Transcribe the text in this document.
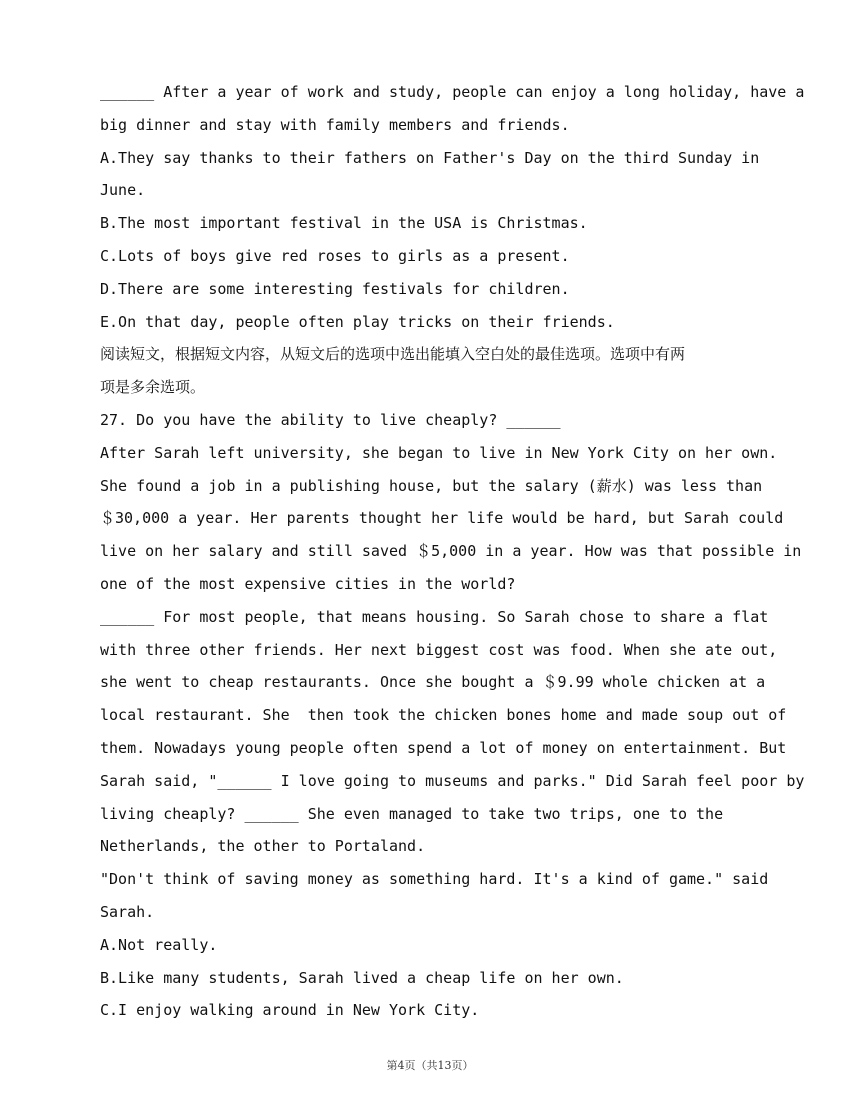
______ After a year of work and study, people can enjoy a long holiday, have a
big dinner and stay with family members and friends.
A.They say thanks to their fathers on Father's Day on the third Sunday in
June.
B.The most important festival in the USA is Christmas.
C.Lots of boys give red roses to girls as a present.
D.There are some interesting festivals for children.
E.On that day, people often play tricks on their friends.
阅读短文，根据短文内容，从短文后的选项中选出能填入空白处的最佳选项。选项中有两
项是多余选项。
27. Do you have the ability to live cheaply? ______
After Sarah left university, she began to live in New York City on her own.
She found a job in a publishing house, but the salary (薪水) was less than
＄30,000 a year. Her parents thought her life would be hard, but Sarah could
live on her salary and still saved ＄5,000 in a year. How was that possible in
one of the most expensive cities in the world?
______ For most people, that means housing. So Sarah chose to share a flat
with three other friends. Her next biggest cost was food. When she ate out,
she went to cheap restaurants. Once she bought a ＄9.99 whole chicken at a
local restaurant. She  then took the chicken bones home and made soup out of
them. Nowadays young people often spend a lot of money on entertainment. But
Sarah said, "______ I love going to museums and parks." Did Sarah feel poor by
living cheaply? ______ She even managed to take two trips, one to the
Netherlands, the other to Portaland.
"Don't think of saving money as something hard. It's a kind of game." said
Sarah.
A.Not really.
B.Like many students, Sarah lived a cheap life on her own.
C.I enjoy walking around in New York City.
第4页（共13页）
